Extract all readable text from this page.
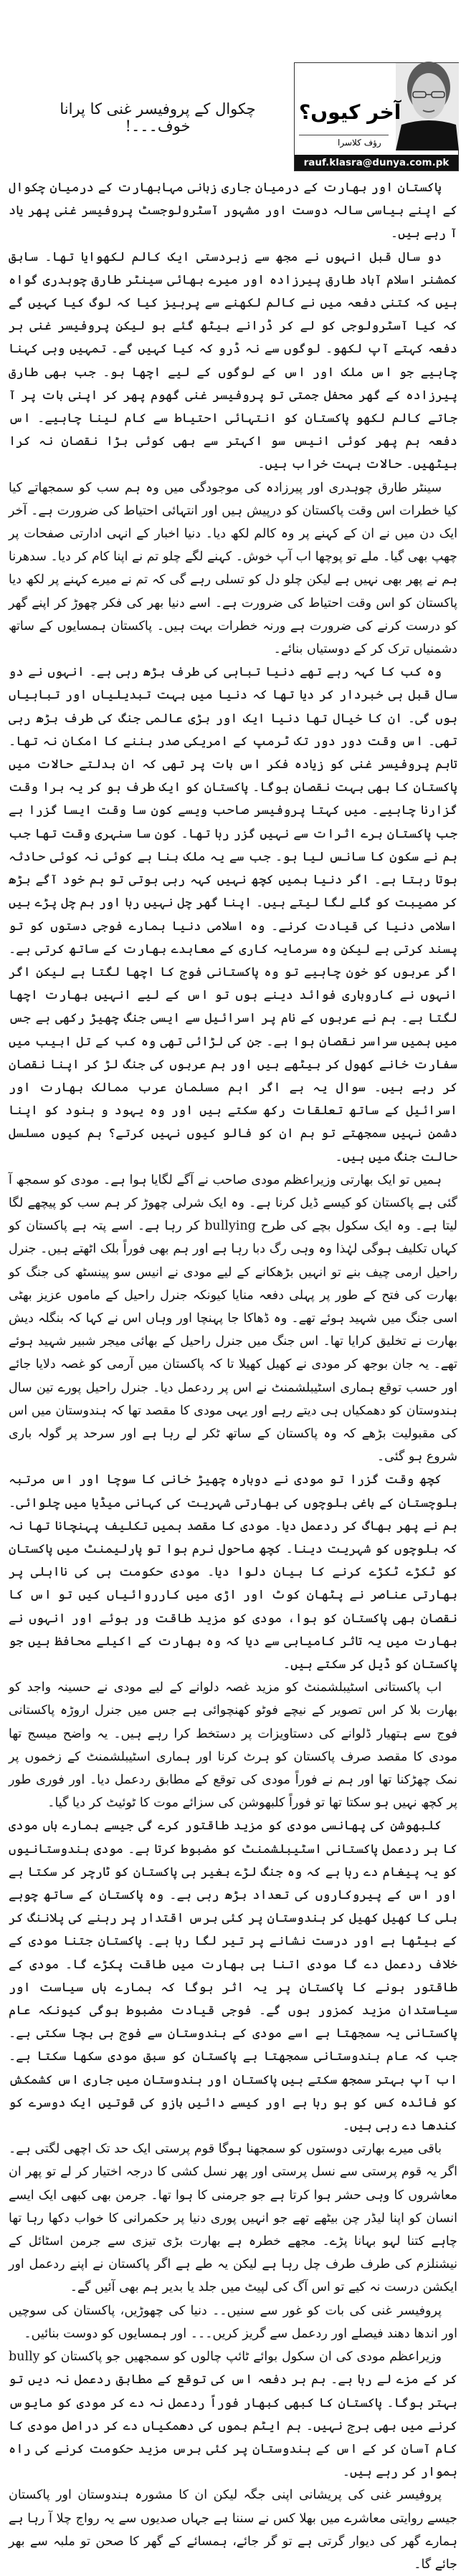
آخر کیوں؟
رؤف کلاسرا
rauf.klasra@dunya.com.pk
چکوال کے پروفیسر غنی کا پرانا خوف۔۔۔!

پاکستان اور بھارت کے درمیان جاری زبانی مہابھارت کے درمیان چکوال کے اپنے بیاسی سالہ دوست اور مشہور آسٹرولوجسٹ پروفیسر غنی پھر یاد آ رہے ہیں۔

دو سال قبل انہوں نے مجھ سے زبردستی ایک کالم لکھوایا تھا۔ سابق کمشنر اسلام آباد طارق پیرزادہ اور میرے بھائی سینٹر طارق چوہدری گواہ ہیں کہ کتنی دفعہ میں نے کالم لکھنے سے پرہیز کیا کہ لوگ کیا کہیں گے کہ کیا آسٹرولوجی کو لے کر ڈرانے بیٹھ گئے ہو لیکن پروفیسر غنی ہر دفعہ کہتے آپ لکھو۔ لوگوں سے نہ ڈرو کہ کیا کہیں گے۔ تمہیں وہی کہنا چاہیے جو اس ملک اور اس کے لوگوں کے لیے اچھا ہو۔ جب بھی طارق پیرزادہ کے گھر محفل جمتی تو پروفیسر غنی گھوم پھر کر اپنی بات پر آ جاتے کالم لکھو پاکستان کو انتہائی احتیاط سے کام لینا چاہیے۔ اس دفعہ ہم پھر کوئی انیس سو اکہتر سے بھی کوئی بڑا نقصان نہ کرا بیٹھیں۔ حالات بہت خراب ہیں۔

سینٹر طارق چوہدری اور پیرزادہ کی موجودگی میں وہ ہم سب کو سمجھاتے کیا کیا خطرات اس وقت پاکستان کو درپیش ہیں اور انتہائی احتیاط کی ضرورت ہے۔ آخر ایک دن میں نے ان کے کہنے پر وہ کالم لکھ دیا۔ دنیا اخبار کے انہی ادارتی صفحات پر چھپ بھی گیا۔ ملے تو پوچھا اب آپ خوش۔ کہنے لگے چلو تم نے اپنا کام کر دیا۔ سدھرنا ہم نے پھر بھی نہیں ہے لیکن چلو دل کو تسلی رہے گی کہ تم نے میرے کہنے پر لکھ دیا پاکستان کو اس وقت احتیاط کی ضرورت ہے۔ اسے دنیا بھر کی فکر چھوڑ کر اپنے گھر کو درست کرنے کی ضرورت ہے ورنہ خطرات بہت ہیں۔ پاکستان ہمسایوں کے ساتھ دشمنیاں ترک کر کے دوستیاں بنائے۔

وہ کب کا کہہ رہے تھے دنیا تباہی کی طرف بڑھ رہی ہے۔ انہوں نے دو سال قبل ہی خبردار کر دیا تھا کہ دنیا میں بہت تبدیلیاں اور تباہیاں ہوں گی۔ ان کا خیال تھا دنیا ایک اور بڑی عالمی جنگ کی طرف بڑھ رہی تھی۔ اس وقت دور دور تک ٹرمپ کے امریکی صدر بننے کا امکان نہ تھا۔ تاہم پروفیسر غنی کو زیادہ فکر اس بات پر تھی کہ ان بدلتے حالات میں پاکستان کا بھی بہت نقصان ہوگا۔ پاکستان کو ایک طرف ہو کر یہ برا وقت گزارنا چاہیے۔ میں کہتا پروفیسر صاحب ویسے کون سا وقت ایسا گزرا ہے جب پاکستان برے اثرات سے نہیں گزر رہا تھا۔ کون سا سنہری وقت تھا جب ہم نے سکون کا سانس لیا ہو۔ جب سے یہ ملک بنا ہے کوئی نہ کوئی حادثہ ہوتا رہتا ہے۔ اگر دنیا ہمیں کچھ نہیں کہہ رہی ہوتی تو ہم خود آگے بڑھ کر مصیبت کو گلے لگا لیتے ہیں۔ اپنا گھر چل نہیں رہا اور ہم چل پڑے ہیں اسلامی دنیا کی قیادت کرنے۔ وہ اسلامی دنیا ہمارے فوجی دستوں کو تو پسند کرتی ہے لیکن وہ سرمایہ کاری کے معاہدے بھارت کے ساتھ کرتی ہے۔ اگر عربوں کو خون چاہیے تو وہ پاکستانی فوج کا اچھا لگتا ہے لیکن اگر انہوں نے کاروباری فوائد دینے ہوں تو اس کے لیے انہیں بھارت اچھا لگتا ہے۔ ہم نے عربوں کے نام پر اسرائیل سے ایسی جنگ چھیڑ رکھی ہے جس میں ہمیں سراسر نقصان ہوا ہے۔ جن کی لڑائی تھی وہ کب کے تل ابیب میں سفارت خانے کھول کر بیٹھے ہیں اور ہم عربوں کی جنگ لڑ کر اپنا نقصان کر رہے ہیں۔ سوال یہ ہے اگر اہم مسلمان عرب ممالک بھارت اور اسرائیل کے ساتھ تعلقات رکھ سکتے ہیں اور وہ یہود و ہنود کو اپنا دشمن نہیں سمجھتے تو ہم ان کو فالو کیوں نہیں کرتے؟ ہم کیوں مسلسل حالت جنگ میں ہیں۔

ہمیں تو ایک بھارتی وزیراعظم مودی صاحب نے آگے لگایا ہوا ہے۔ مودی کو سمجھ آ گئی ہے پاکستان کو کیسے ڈیل کرنا ہے۔ وہ ایک شرلی چھوڑ کر ہم سب کو پیچھے لگا لیتا ہے۔ وہ ایک سکول بچے کی طرح bullying کر رہا ہے۔ اسے پتہ ہے پاکستان کو کہاں تکلیف ہوگی لہٰذا وہ وہی رگ دبا رہا ہے اور ہم بھی فوراً بلک اٹھتے ہیں۔ جنرل راحیل ارمی چیف بنے تو انہیں بڑھکانے کے لیے مودی نے انیس سو پینسٹھ کی جنگ کو بھارت کی فتح کے طور پر پہلی دفعہ منایا کیونکہ جنرل راحیل کے ماموں عزیز بھٹی اسی جنگ میں شہید ہوئے تھے۔ وہ ڈھاکا جا پہنچا اور وہاں اس نے کہا کہ بنگلہ دیش بھارت نے تخلیق کرایا تھا۔ اس جنگ میں جنرل راحیل کے بھائی میجر شبیر شہید ہوئے تھے۔ یہ جان بوجھ کر مودی نے کھیل کھیلا تا کہ پاکستان میں آرمی کو غصہ دلایا جائے اور حسب توقع ہماری اسٹیبلشمنٹ نے اس پر ردعمل دیا۔ جنرل راحیل پورے تین سال ہندوستان کو دھمکیاں ہی دیتے رہے اور یہی مودی کا مقصد تھا کہ ہندوستان میں اس کی مقبولیت بڑھے کہ وہ پاکستان کے ساتھ ٹکر لے رہا ہے اور سرحد پر گولہ باری شروع ہو گئی۔

کچھ وقت گزرا تو مودی نے دوبارہ چھیڑ خانی کا سوچا اور اس مرتبہ بلوچستان کے باغی بلوچوں کی بھارتی شہریت کی کہانی میڈیا میں چلوائی۔ ہم نے پھر بھاگ کر ردعمل دیا۔ مودی کا مقصد ہمیں تکلیف پہنچانا تھا نہ کہ بلوچوں کو شہریت دینا۔ کچھ ماحول نرم ہوا تو پارلیمنٹ میں پاکستان کو ٹکڑے ٹکڑے کرنے کا بیان دلوا دیا۔ مودی حکومت ہی کی نااہلی پر بھارتی عناصر نے پٹھان کوٹ اور اڑی میں کارروائیاں کیں تو اس کا نقصان بھی پاکستان کو ہوا، مودی کو مزید طاقت ور ہوئے اور انہوں نے بھارت میں یہ تاثر کامیابی سے دیا کہ وہ بھارت کے اکیلے محافظ ہیں جو پاکستان کو ڈیل کر سکتے ہیں۔

اب پاکستانی اسٹیبلشمنٹ کو مزید غصہ دلوانے کے لیے مودی نے حسینہ واجد کو بھارت بلا کر اس تصویر کے نیچے فوٹو کھنچوائی ہے جس میں جنرل اروڑہ پاکستانی فوج سے ہتھیار ڈلوانے کی دستاویزات پر دستخط کرا رہے ہیں۔ یہ واضح میسج تھا مودی کا مقصد صرف پاکستان کو ہرٹ کرنا اور ہماری اسٹیبلشمنٹ کے زخموں پر نمک چھڑکنا تھا اور ہم نے فوراً مودی کی توقع کے مطابق ردعمل دیا۔ اور فوری طور پر کچھ نہیں ہو سکتا تھا تو فوراً کلبھوشن کی سزائے موت کا ٹوئیٹ کر دیا گیا۔

کلبھوشن کی پھانسی مودی کو مزید طاقتور کرے گی جیسے ہمارے ہاں مودی کا ہر ردعمل پاکستانی اسٹیبلشمنٹ کو مضبوط کرتا ہے۔ مودی ہندوستانیوں کو یہ پیغام دے رہا ہے کہ وہ جنگ لڑے بغیر ہی پاکستان کو ٹارچر کر سکتا ہے اور اس کے پیروکاروں کی تعداد بڑھ رہی ہے۔ وہ پاکستان کے ساتھ چوہے بلی کا کھیل کھیل کر ہندوستان پر کئی برس اقتدار پر رہنے کی پلاننگ کر کے بیٹھا ہے اور درست نشانے پر تیر لگا رہا ہے۔ پاکستان جتنا مودی کے خلاف ردعمل دے گا مودی اتنا ہی بھارت میں طاقت پکڑے گا۔ مودی کے طاقتور ہونے کا پاکستان پر یہ اثر ہوگا کہ ہمارے ہاں سیاست اور سیاستدان مزید کمزور ہوں گے۔ فوجی قیادت مضبوط ہوگی کیونکہ عام پاکستانی یہ سمجھتا ہے اسے مودی کے ہندوستان سے فوج ہی بچا سکتی ہے۔ جب کہ عام ہندوستانی سمجھتا ہے پاکستان کو سبق مودی سکھا سکتا ہے۔ اب آپ بہتر سمجھ سکتے ہیں پاکستان اور ہندوستان میں جاری اس کشمکش کو فائدہ کس کو ہو رہا ہے اور کیسے دائیں بازو کی قوتیں ایک دوسرے کو کندھا دے رہی ہیں۔

باقی میرے بھارتی دوستوں کو سمجھنا ہوگا قوم پرستی ایک حد تک اچھی لگتی ہے۔ اگر یہ قوم پرستی سے نسل پرستی اور پھر نسل کشی کا درجہ اختیار کر لے تو پھر ان معاشروں کا وہی حشر ہوا کرتا ہے جو جرمنی کا ہوا تھا۔ جرمن بھی کبھی ایک ایسے انسان کو اپنا لیڈر چن بیٹھے تھے جو انہیں پوری دنیا پر حکمرانی کا خواب دکھا رہا تھا چاہے کتنا لہو بہانا پڑے۔ مجھے خطرہ ہے بھارت بڑی تیزی سے جرمن اسٹائل کے نیشنلزم کی طرف طرف چل رہا ہے لیکن یہ طے ہے اگر پاکستان نے اپنے ردعمل اور ایکشن درست نہ کیے تو اس آگ کی لپیٹ میں جلد یا بدیر ہم بھی آئیں گے۔

پروفیسر غنی کی بات کو غور سے سنیں۔۔ دنیا کی چھوڑیں، پاکستان کی سوچیں اور اندھا دھند فیصلے اور ردعمل سے گریز کریں۔۔۔ اور ہمسایوں کو دوست بنائیں۔

وزیراعظم مودی کی ان سکول بوائے ٹائپ چالوں کو سمجھیں جو پاکستان کو bully کر کے مزے لے رہا ہے۔ ہم ہر دفعہ اس کی توقع کے مطابق ردعمل نہ دیں تو بہتر ہوگا۔ پاکستان کا کبھی کبھار فوراً ردعمل نہ دے کر مودی کو مایوس کرنے میں بھی ہرج نہیں۔ ہم ایٹم بموں کی دھمکیاں دے کر دراصل مودی کا کام آسان کر کے اس کے ہندوستان پر کئی برس مزید حکومت کرنے کی راہ ہموار کر رہے ہیں۔

پروفیسر غنی کی پریشانی اپنی جگہ لیکن ان کا مشورہ ہندوستان اور پاکستان جیسے روایتی معاشرے میں بھلا کس نے سننا ہے جہاں صدیوں سے یہ رواج چلا آ رہا ہے ہمارے گھر کی دیوار گرتی ہے تو گر جائے، ہمسائے کے گھر کا صحن تو ملبہ سے بھر جائے گا۔
